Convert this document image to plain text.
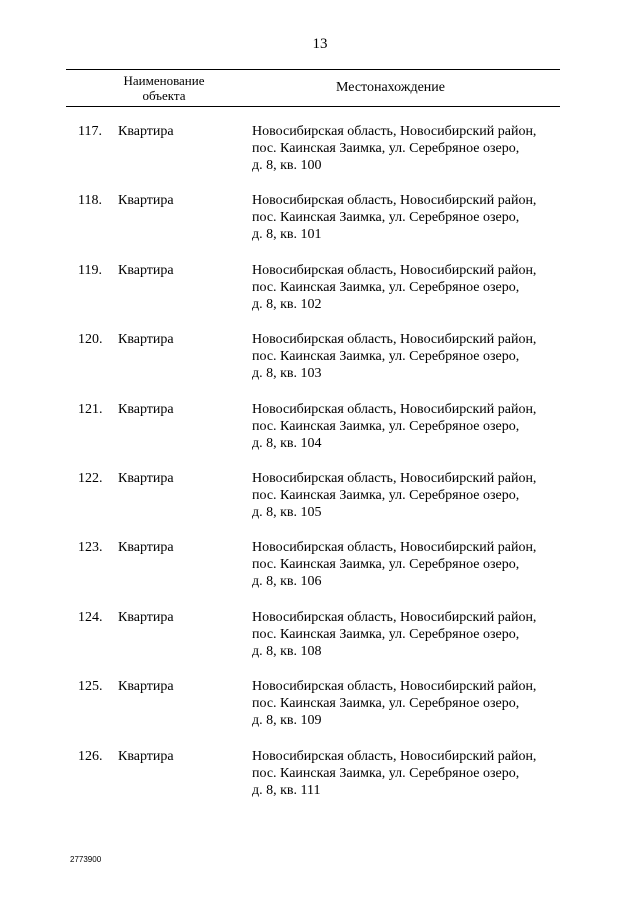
13
Наименование
объекта
Местонахождение
117. Квартира	Новосибирская область, Новосибирский район,
пос. Каинская Заимка, ул. Серебряное озеро,
д. 8, кв. 100
118. Квартира	Новосибирская область, Новосибирский район,
пос. Каинская Заимка, ул. Серебряное озеро,
д. 8, кв. 101
119. Квартира	Новосибирская область, Новосибирский район,
пос. Каинская Заимка, ул. Серебряное озеро,
д. 8, кв. 102
120. Квартира	Новосибирская область, Новосибирский район,
пос. Каинская Заимка, ул. Серебряное озеро,
д. 8, кв. 103
121. Квартира	Новосибирская область, Новосибирский район,
пос. Каинская Заимка, ул. Серебряное озеро,
д. 8, кв. 104
122. Квартира	Новосибирская область, Новосибирский район,
пос. Каинская Заимка, ул. Серебряное озеро,
д. 8, кв. 105
123. Квартира	Новосибирская область, Новосибирский район,
пос. Каинская Заимка, ул. Серебряное озеро,
д. 8, кв. 106
124. Квартира	Новосибирская область, Новосибирский район,
пос. Каинская Заимка, ул. Серебряное озеро,
д. 8, кв. 108
125. Квартира	Новосибирская область, Новосибирский район,
пос. Каинская Заимка, ул. Серебряное озеро,
д. 8, кв. 109
126. Квартира	Новосибирская область, Новосибирский район,
пос. Каинская Заимка, ул. Серебряное озеро,
д. 8, кв. 111
2773900
